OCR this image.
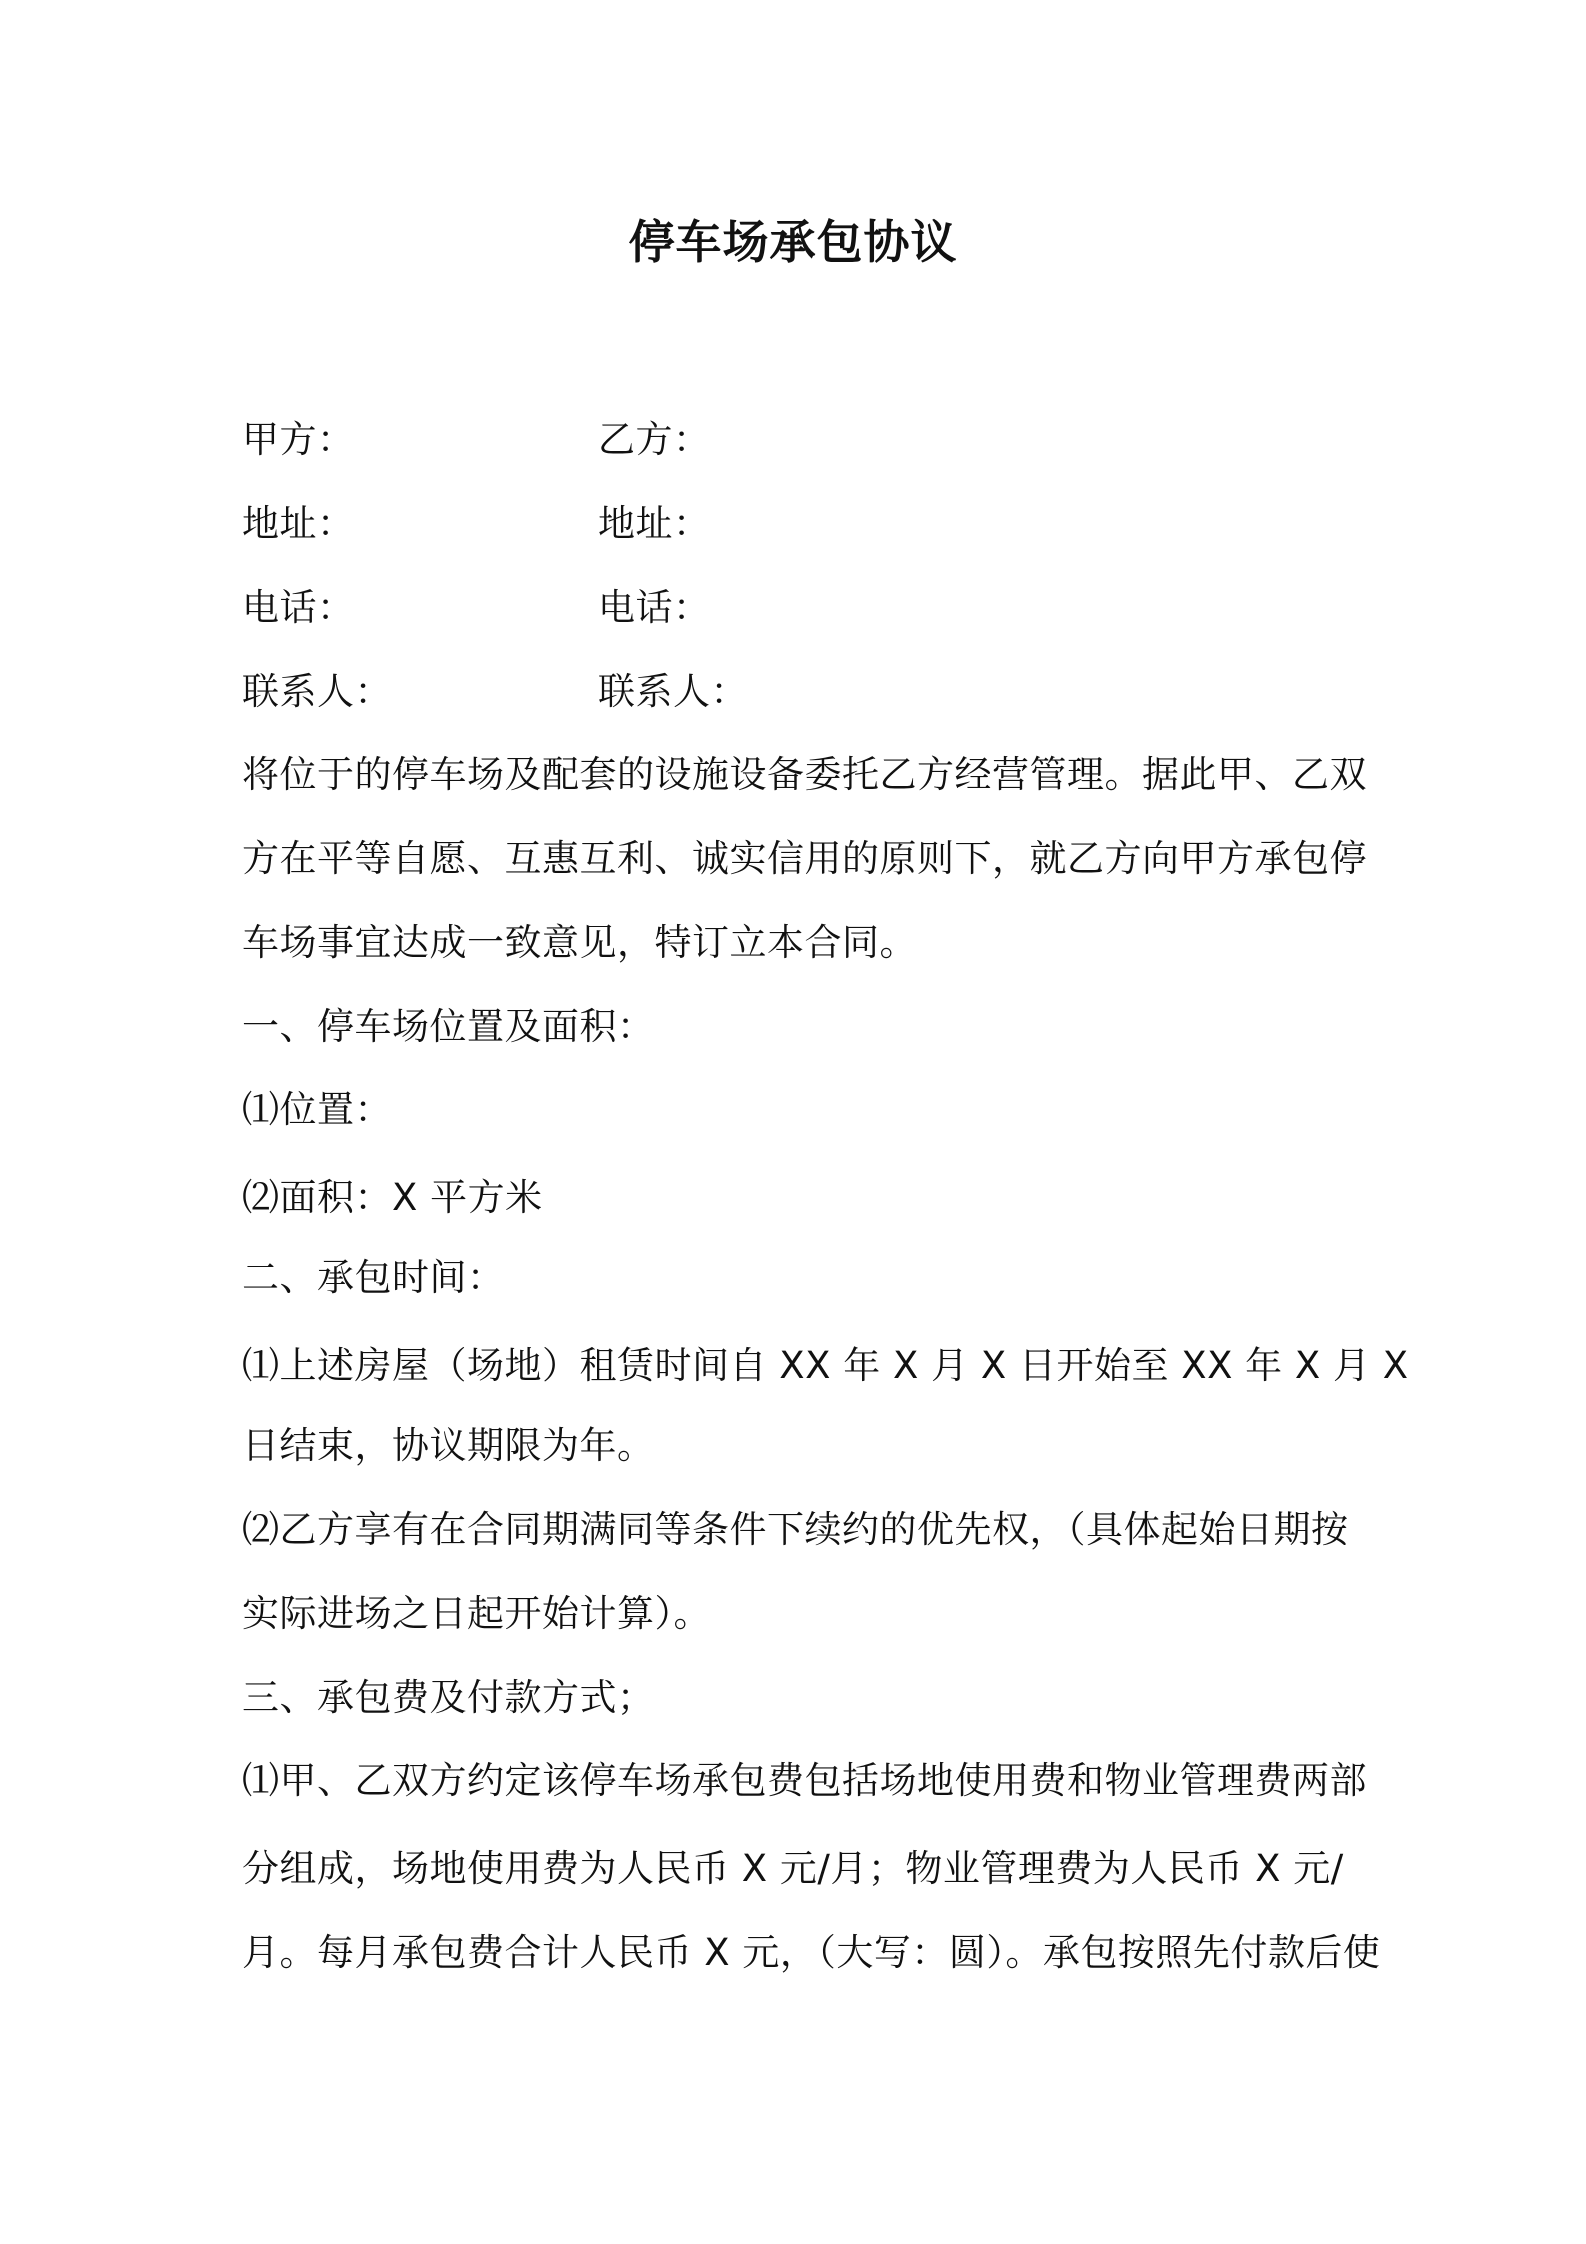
停车场承包协议
甲方：	乙方：
地址：	地址：
电话：	电话：
联系人：	联系人：
将位于的停车场及配套的设施设备委托乙方经营管理。据此甲、乙双
方在平等自愿、互惠互利、诚实信用的原则下，就乙方向甲方承包停
车场事宜达成一致意见，特订立本合同。
一、停车场位置及面积：
⑴位置：
⑵面积：X 平方米
二、承包时间：
⑴上述房屋（场地）租赁时间自 XX 年 X 月 X 日开始至 XX 年 X 月 X
日结束，协议期限为年。
⑵乙方享有在合同期满同等条件下续约的优先权，（具体起始日期按
实际进场之日起开始计算）。
三、承包费及付款方式；
⑴甲、乙双方约定该停车场承包费包括场地使用费和物业管理费两部
分组成，场地使用费为人民币 X 元/月；物业管理费为人民币 X 元/
月。每月承包费合计人民币 X 元，（大写：圆）。承包按照先付款后使
